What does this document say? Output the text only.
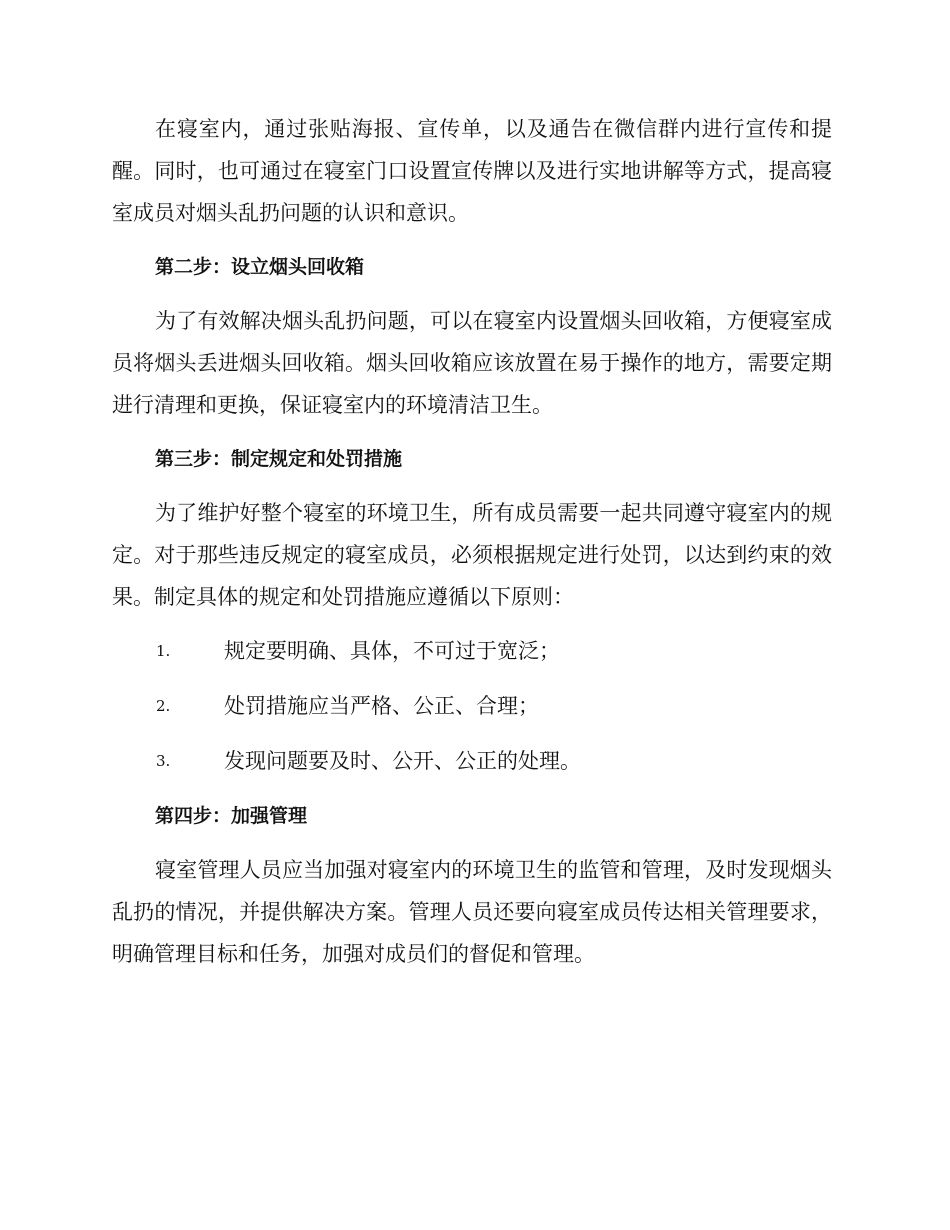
在寝室内，通过张贴海报、宣传单，以及通告在微信群内进行宣传和提醒。同时，也可通过在寝室门口设置宣传牌以及进行实地讲解等方式，提高寝室成员对烟头乱扔问题的认识和意识。

第二步：设立烟头回收箱

为了有效解决烟头乱扔问题，可以在寝室内设置烟头回收箱，方便寝室成员将烟头丢进烟头回收箱。烟头回收箱应该放置在易于操作的地方，需要定期进行清理和更换，保证寝室内的环境清洁卫生。

第三步：制定规定和处罚措施

为了维护好整个寝室的环境卫生，所有成员需要一起共同遵守寝室内的规定。对于那些违反规定的寝室成员，必须根据规定进行处罚，以达到约束的效果。制定具体的规定和处罚措施应遵循以下原则：

1.	规定要明确、具体，不可过于宽泛；
2.	处罚措施应当严格、公正、合理；
3.	发现问题要及时、公开、公正的处理。
第四步：加强管理

寝室管理人员应当加强对寝室内的环境卫生的监管和管理，及时发现烟头乱扔的情况，并提供解决方案。管理人员还要向寝室成员传达相关管理要求，明确管理目标和任务，加强对成员们的督促和管理。
